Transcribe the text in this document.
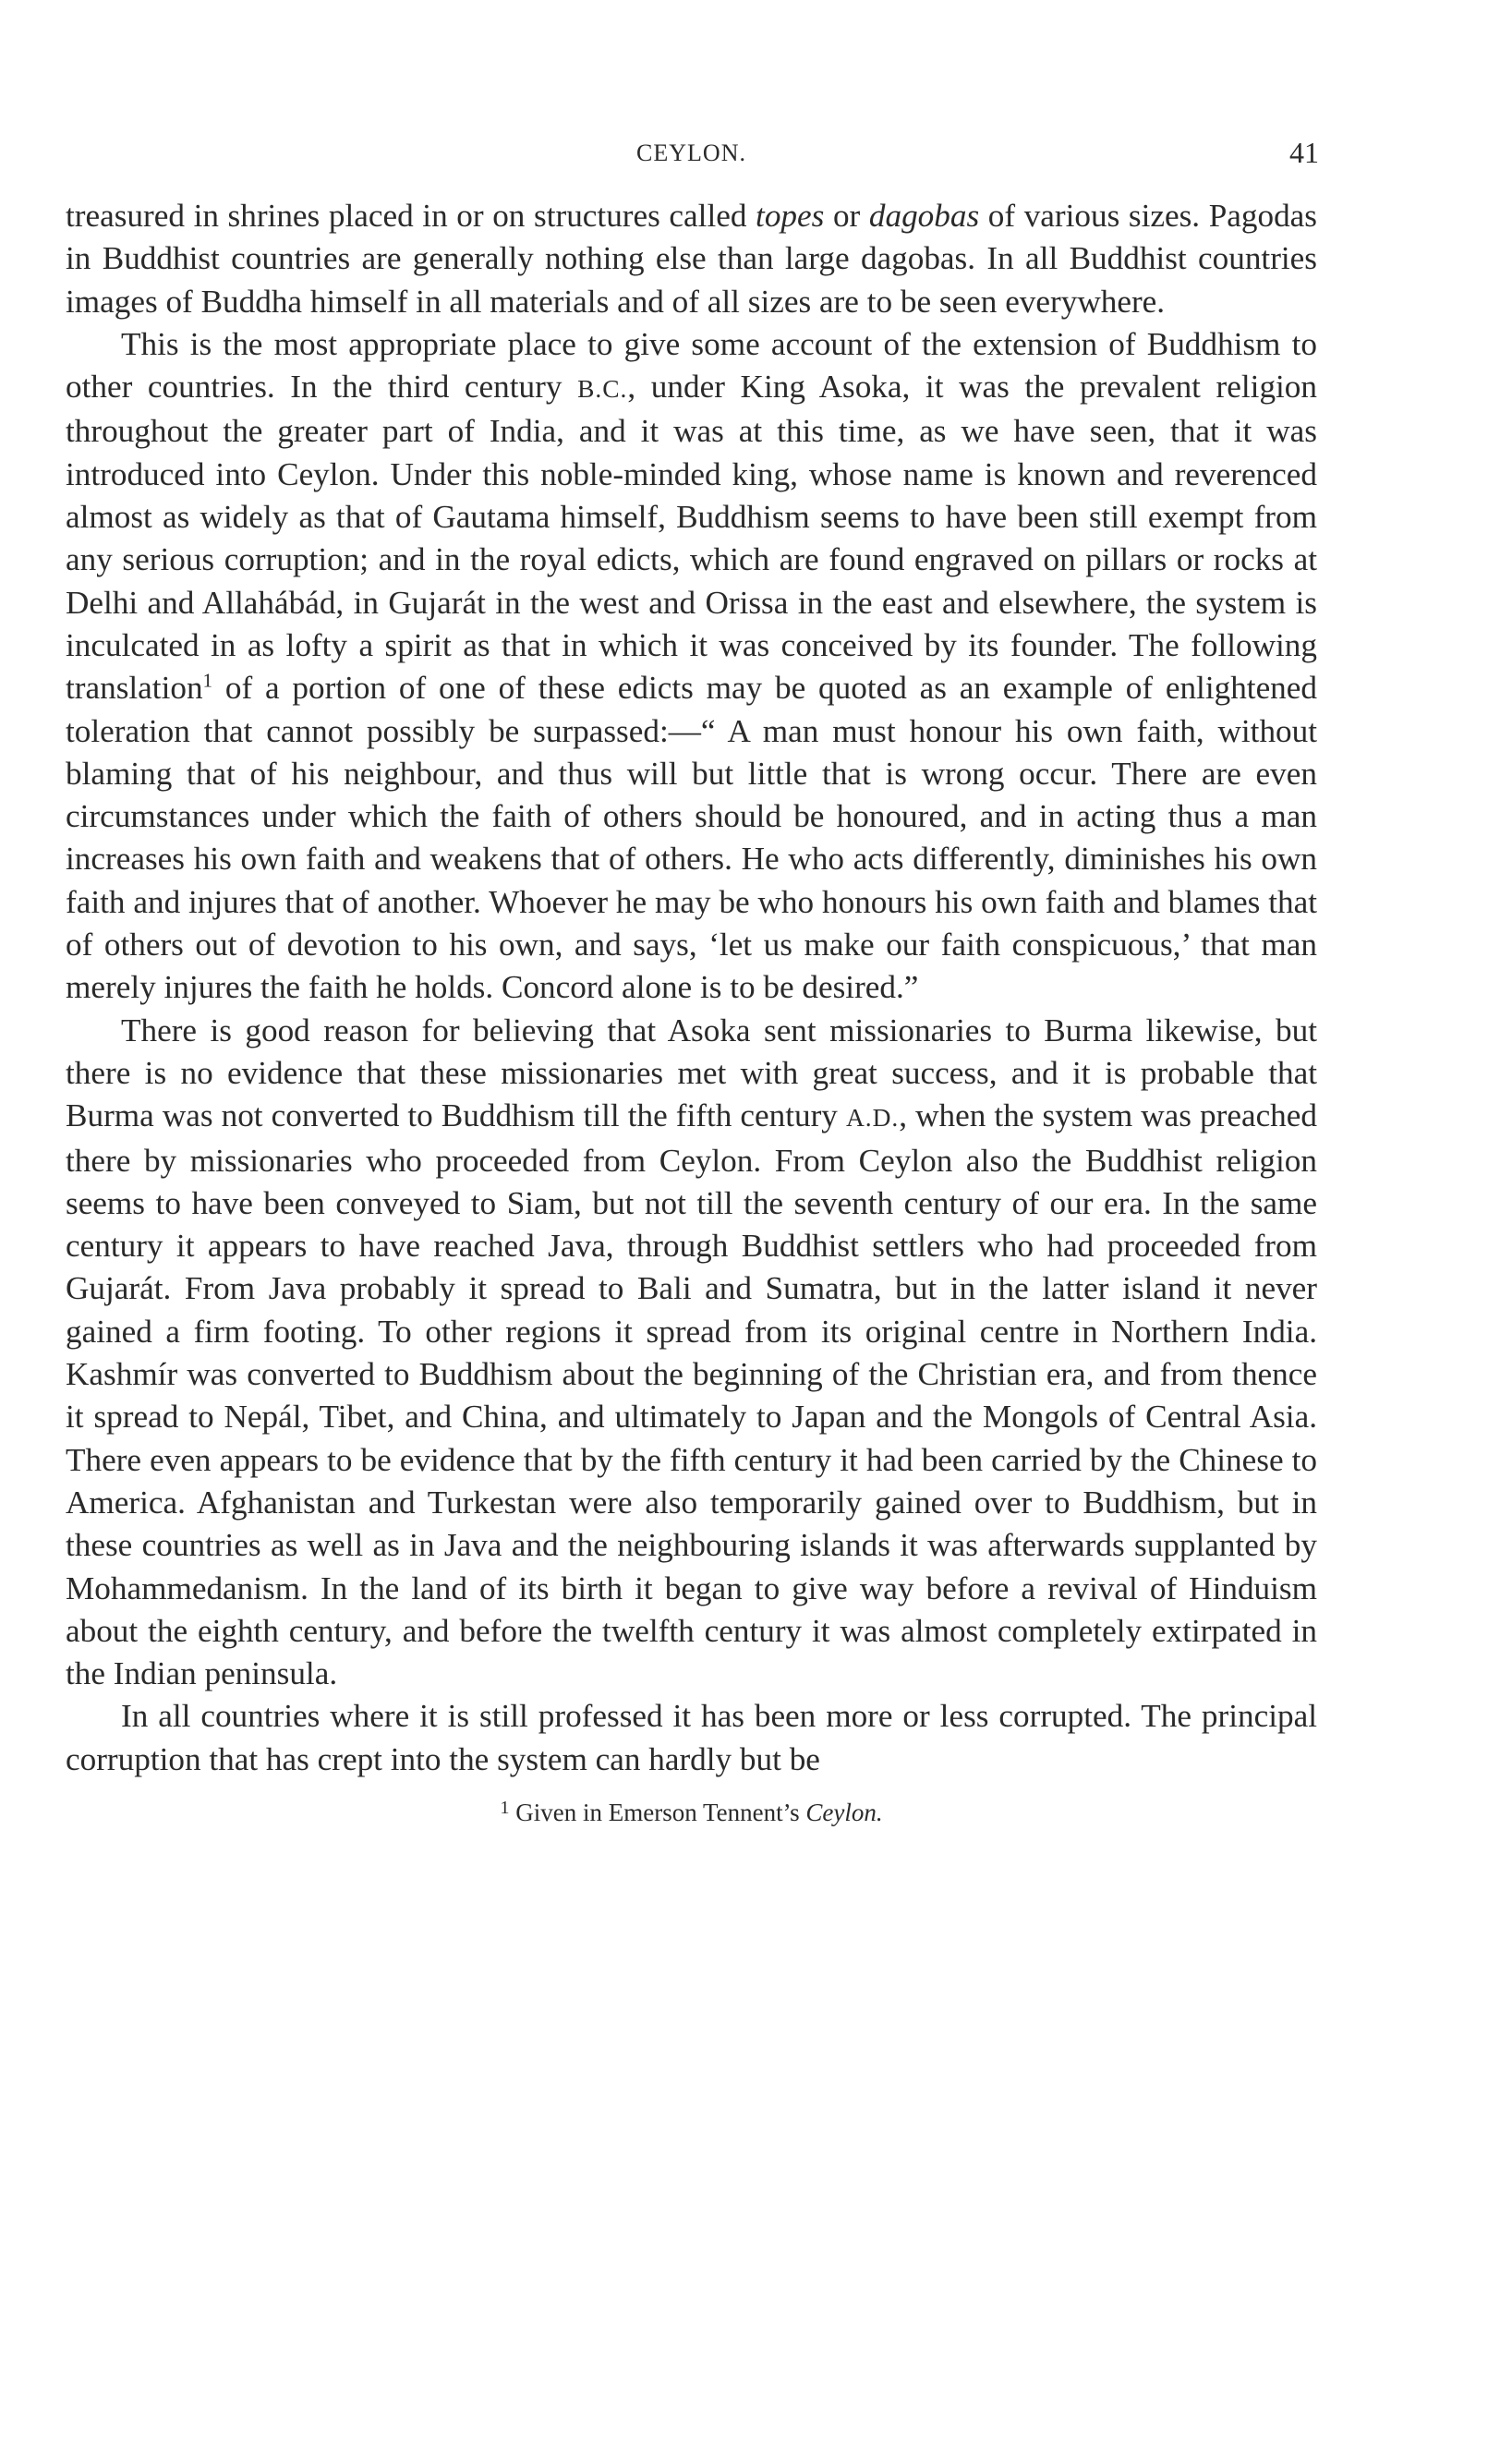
CEYLON.	41

treasured in shrines placed in or on structures called topes or dagobas of various sizes. Pagodas in Buddhist countries are generally nothing else than large dagobas. In all Buddhist countries images of Buddha himself in all materials and of all sizes are to be seen everywhere.

This is the most appropriate place to give some account of the extension of Buddhism to other countries. In the third century B.C., under King Asoka, it was the prevalent religion throughout the greater part of India, and it was at this time, as we have seen, that it was introduced into Ceylon. Under this noble-minded king, whose name is known and reverenced almost as widely as that of Gautama himself, Buddhism seems to have been still exempt from any serious corruption; and in the royal edicts, which are found engraved on pillars or rocks at Delhi and Allahábád, in Gujarát in the west and Orissa in the east and elsewhere, the system is inculcated in as lofty a spirit as that in which it was conceived by its founder. The following translation$^1$ of a portion of one of these edicts may be quoted as an example of enlightened toleration that cannot possibly be surpassed:—“ A man must honour his own faith, without blaming that of his neighbour, and thus will but little that is wrong occur. There are even circumstances under which the faith of others should be honoured, and in acting thus a man increases his own faith and weakens that of others. He who acts differently, diminishes his own faith and injures that of another. Whoever he may be who honours his own faith and blames that of others out of devotion to his own, and says, ‘let us make our faith conspicuous,’ that man merely injures the faith he holds. Concord alone is to be desired.”

There is good reason for believing that Asoka sent missionaries to Burma likewise, but there is no evidence that these missionaries met with great success, and it is probable that Burma was not converted to Buddhism till the fifth century A.D., when the system was preached there by missionaries who proceeded from Ceylon. From Ceylon also the Buddhist religion seems to have been conveyed to Siam, but not till the seventh century of our era. In the same century it appears to have reached Java, through Buddhist settlers who had proceeded from Gujarát. From Java probably it spread to Bali and Sumatra, but in the latter island it never gained a firm footing. To other regions it spread from its original centre in Northern India. Kashmír was converted to Buddhism about the beginning of the Christian era, and from thence it spread to Nepál, Tibet, and China, and ultimately to Japan and the Mongols of Central Asia. There even appears to be evidence that by the fifth century it had been carried by the Chinese to America. Afghanistan and Turkestan were also temporarily gained over to Buddhism, but in these countries as well as in Java and the neighbouring islands it was afterwards supplanted by Mohammedanism. In the land of its birth it began to give way before a revival of Hinduism about the eighth century, and before the twelfth century it was almost completely extirpated in the Indian peninsula.

In all countries where it is still professed it has been more or less corrupted. The principal corruption that has crept into the system can hardly but be

$^1$ Given in Emerson Tennent’s Ceylon.
